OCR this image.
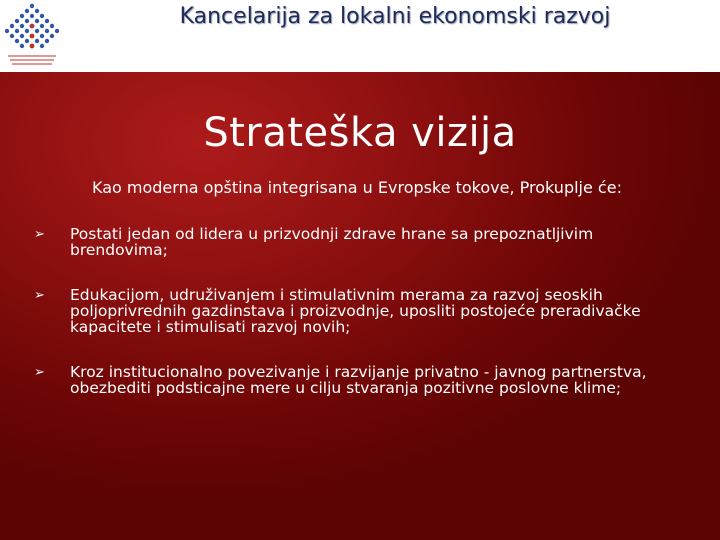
Kancelarija za lokalni ekonomski razvoj
Strateška vizija
Kao moderna opština integrisana u Evropske tokove, Prokuplje će:
➢ Postati jedan od lidera u prizvodnji zdrave hrane sa prepoznatljivim brendovima;
➢ Edukacijom, udruživanjem i stimulativnim merama za razvoj seoskih poljoprivrednih gazdinstava i proizvodnje, uposliti postojeće preradivačke kapacitete i stimulisati razvoj novih;
➢ Kroz institucionalno povezivanje i razvijanje privatno - javnog partnerstva, obezbediti podsticajne mere u cilju stvaranja pozitivne poslovne klime;
